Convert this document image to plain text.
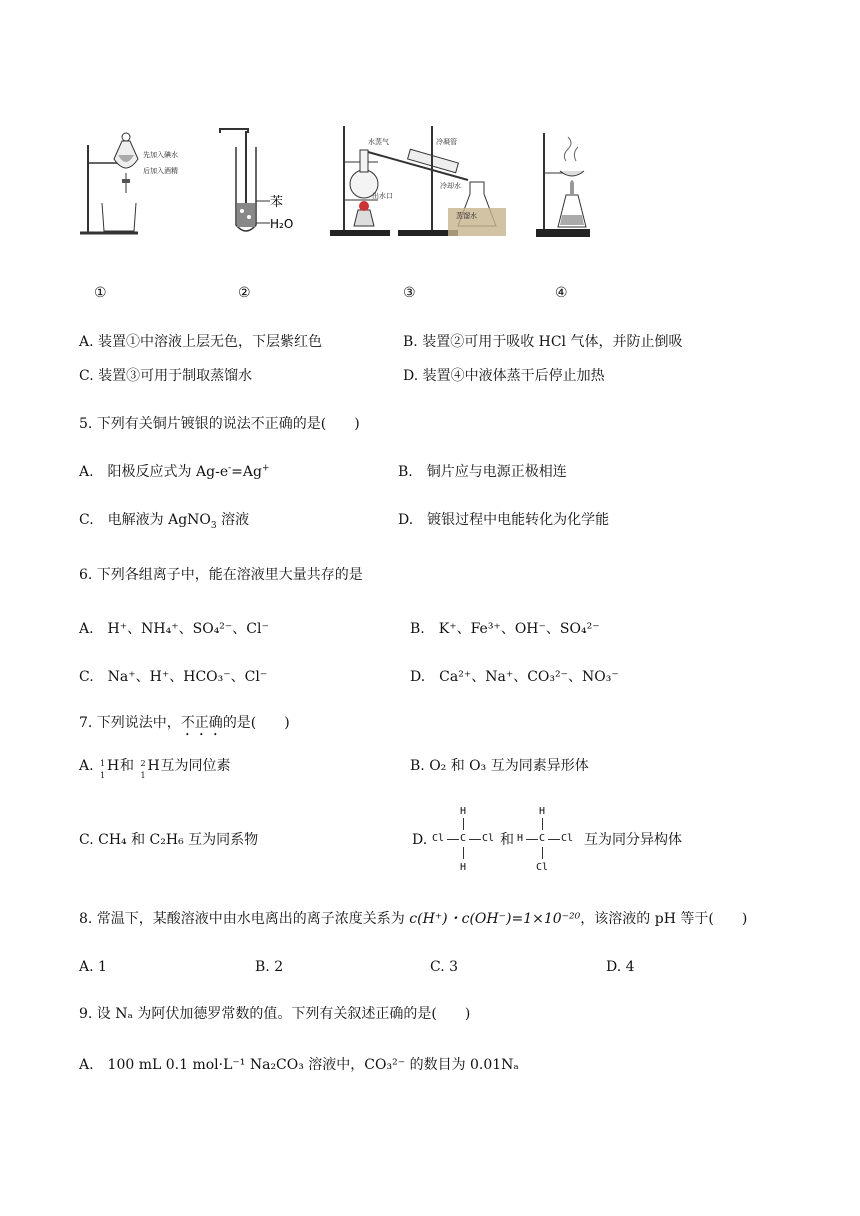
先加入碘水
后加入酒精
苯
H₂O
水蒸气	冷凝管
出水口
冷却水
蒸馏水
①	②	③	④
A. 装置①中溶液上层无色，下层紫红色	B. 装置②可用于吸收 HCl 气体，并防止倒吸
C. 装置③可用于制取蒸馏水	D. 装置④中液体蒸干后停止加热
5. 下列有关铜片镀银的说法不正确的是(　　)
A.　阳极反应式为 Ag-e-=Ag+	B.　铜片应与电源正极相连
C.　电解液为 AgNO$_3$ 溶液	D.　镀银过程中电能转化为化学能
6. 下列各组离子中，能在溶液里大量共存的是
A.　H⁺、NH₄⁺、SO₄²⁻、Cl⁻	B.　K⁺、Fe³⁺、OH⁻、SO₄²⁻
C.　Na⁺、H⁺、HCO₃⁻、Cl⁻	D.　Ca²⁺、Na⁺、CO₃²⁻、NO₃⁻
7. 下列说法中，不正确的是(　　)
A. 1
1
H 和 2
1
H 互为同位素	B. O₂ 和 O₃ 互为同素异形体
C. CH₄ 和 C₂H₆ 互为同系物	D.
H
Cl C Cl
H
和
H
H C Cl
Cl
互为同分异构体
8. 常温下，某酸溶液中由水电离出的离子浓度关系为 c(H⁺)・c(OH⁻)=1×10⁻²⁰，该溶液的 pH 等于(　　)
A. 1	B. 2	C. 3	D. 4
9. 设 Nₐ 为阿伏加德罗常数的值。下列有关叙述正确的是(　　)
A.　100 mL 0.1 mol·L⁻¹ Na₂CO₃ 溶液中，CO₃²⁻ 的数目为 0.01Nₐ
